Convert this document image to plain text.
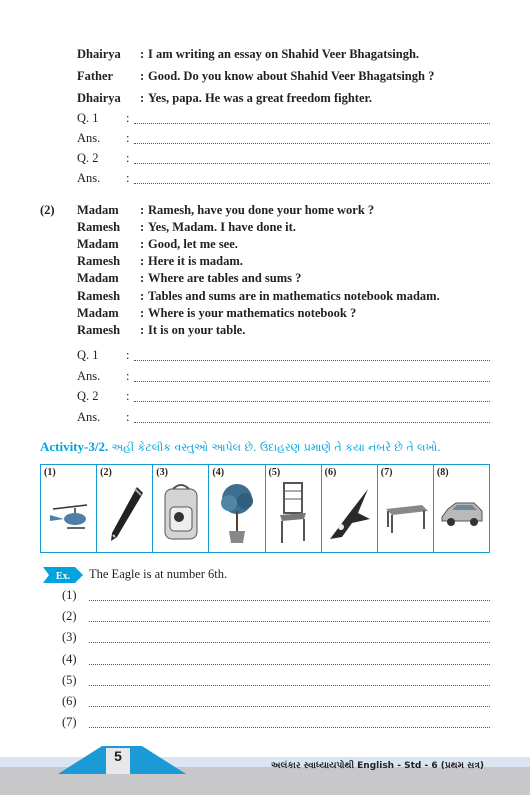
Dhairya : I am writing an essay on Shahid Veer Bhagatsingh.
Father : Good. Do you know about Shahid Veer Bhagatsingh ?
Dhairya : Yes, papa. He was a great freedom fighter.
Q. 1 :
Ans. :
Q. 2 :
Ans. :
(2) Madam : Ramesh, have you done your home work ?
Ramesh : Yes, Madam. I have done it.
Madam : Good, let me see.
Ramesh : Here it is madam.
Madam : Where are tables and sums ?
Ramesh : Tables and sums are in mathematics notebook madam.
Madam : Where is your mathematics notebook ?
Ramesh : It is on your table.
Q. 1 :
Ans. :
Q. 2 :
Ans. :
Activity-3/2. અહીં કેટલીક વસ્તુઓ આપેલ છે. ઉદાહરણ પ્રમાણે તે કયા નંબરે છે તે લખો.
(1)	(2)	(3)	(4)	(5)	(6)	(7)	(8)
Ex. The Eagle is at number 6th.
(1)
(2)
(3)
(4)
(5)
(6)
(7)
5
અલંકાર સ્વાધ્યાયપોથી English - Std - 6 (પ્રથમ સત્ર)
